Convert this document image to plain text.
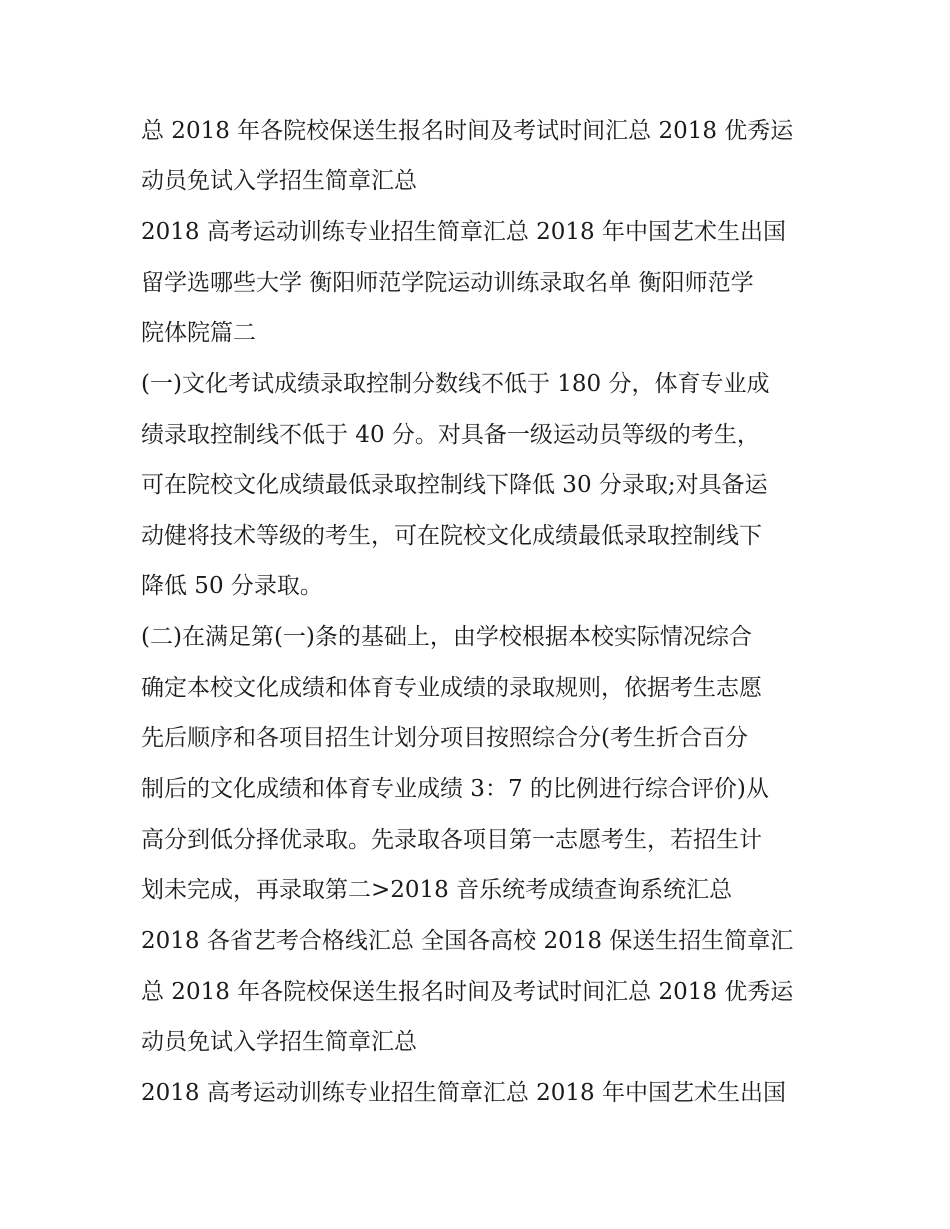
总 2018 年各院校保送生报名时间及考试时间汇总 2018 优秀运

动员免试入学招生简章汇总

2018 高考运动训练专业招生简章汇总 2018 年中国艺术生出国

留学选哪些大学 衡阳师范学院运动训练录取名单 衡阳师范学

院体院篇二

(一)文化考试成绩录取控制分数线不低于 180 分，体育专业成

绩录取控制线不低于 40 分。对具备一级运动员等级的考生，

可在院校文化成绩最低录取控制线下降低 30 分录取;对具备运

动健将技术等级的考生，可在院校文化成绩最低录取控制线下

降低 50 分录取。

(二)在满足第(一)条的基础上，由学校根据本校实际情况综合

确定本校文化成绩和体育专业成绩的录取规则，依据考生志愿

先后顺序和各项目招生计划分项目按照综合分(考生折合百分

制后的文化成绩和体育专业成绩 3：7 的比例进行综合评价)从

高分到低分择优录取。先录取各项目第一志愿考生，若招生计

划未完成，再录取第二>2018 音乐统考成绩查询系统汇总

2018 各省艺考合格线汇总 全国各高校 2018 保送生招生简章汇

总 2018 年各院校保送生报名时间及考试时间汇总 2018 优秀运

动员免试入学招生简章汇总

2018 高考运动训练专业招生简章汇总 2018 年中国艺术生出国
